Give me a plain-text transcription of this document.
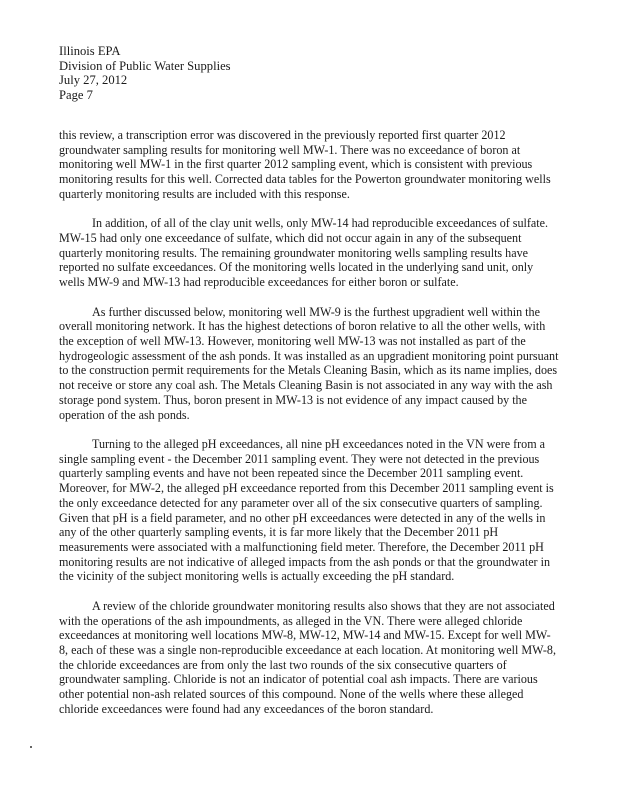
Illinois EPA
Division of Public Water Supplies
July 27, 2012
Page 7

this review, a transcription error was discovered in the previously reported first quarter 2012 groundwater sampling results for monitoring well MW-1. There was no exceedance of boron at monitoring well MW-1 in the first quarter 2012 sampling event, which is consistent with previous monitoring results for this well. Corrected data tables for the Powerton groundwater monitoring wells quarterly monitoring results are included with this response.

In addition, of all of the clay unit wells, only MW-14 had reproducible exceedances of sulfate. MW-15 had only one exceedance of sulfate, which did not occur again in any of the subsequent quarterly monitoring results. The remaining groundwater monitoring wells sampling results have reported no sulfate exceedances. Of the monitoring wells located in the underlying sand unit, only wells MW-9 and MW-13 had reproducible exceedances for either boron or sulfate.

As further discussed below, monitoring well MW-9 is the furthest upgradient well within the overall monitoring network. It has the highest detections of boron relative to all the other wells, with the exception of well MW-13. However, monitoring well MW-13 was not installed as part of the hydrogeologic assessment of the ash ponds. It was installed as an upgradient monitoring point pursuant to the construction permit requirements for the Metals Cleaning Basin, which as its name implies, does not receive or store any coal ash. The Metals Cleaning Basin is not associated in any way with the ash storage pond system. Thus, boron present in MW-13 is not evidence of any impact caused by the operation of the ash ponds.

Turning to the alleged pH exceedances, all nine pH exceedances noted in the VN were from a single sampling event - the December 2011 sampling event. They were not detected in the previous quarterly sampling events and have not been repeated since the December 2011 sampling event. Moreover, for MW-2, the alleged pH exceedance reported from this December 2011 sampling event is the only exceedance detected for any parameter over all of the six consecutive quarters of sampling. Given that pH is a field parameter, and no other pH exceedances were detected in any of the wells in any of the other quarterly sampling events, it is far more likely that the December 2011 pH measurements were associated with a malfunctioning field meter. Therefore, the December 2011 pH monitoring results are not indicative of alleged impacts from the ash ponds or that the groundwater in the vicinity of the subject monitoring wells is actually exceeding the pH standard.

A review of the chloride groundwater monitoring results also shows that they are not associated with the operations of the ash impoundments, as alleged in the VN. There were alleged chloride exceedances at monitoring well locations MW-8, MW-12, MW-14 and MW-15. Except for well MW-8, each of these was a single non-reproducible exceedance at each location. At monitoring well MW-8, the chloride exceedances are from only the last two rounds of the six consecutive quarters of groundwater sampling. Chloride is not an indicator of potential coal ash impacts. There are various other potential non-ash related sources of this compound. None of the wells where these alleged chloride exceedances were found had any exceedances of the boron standard.
